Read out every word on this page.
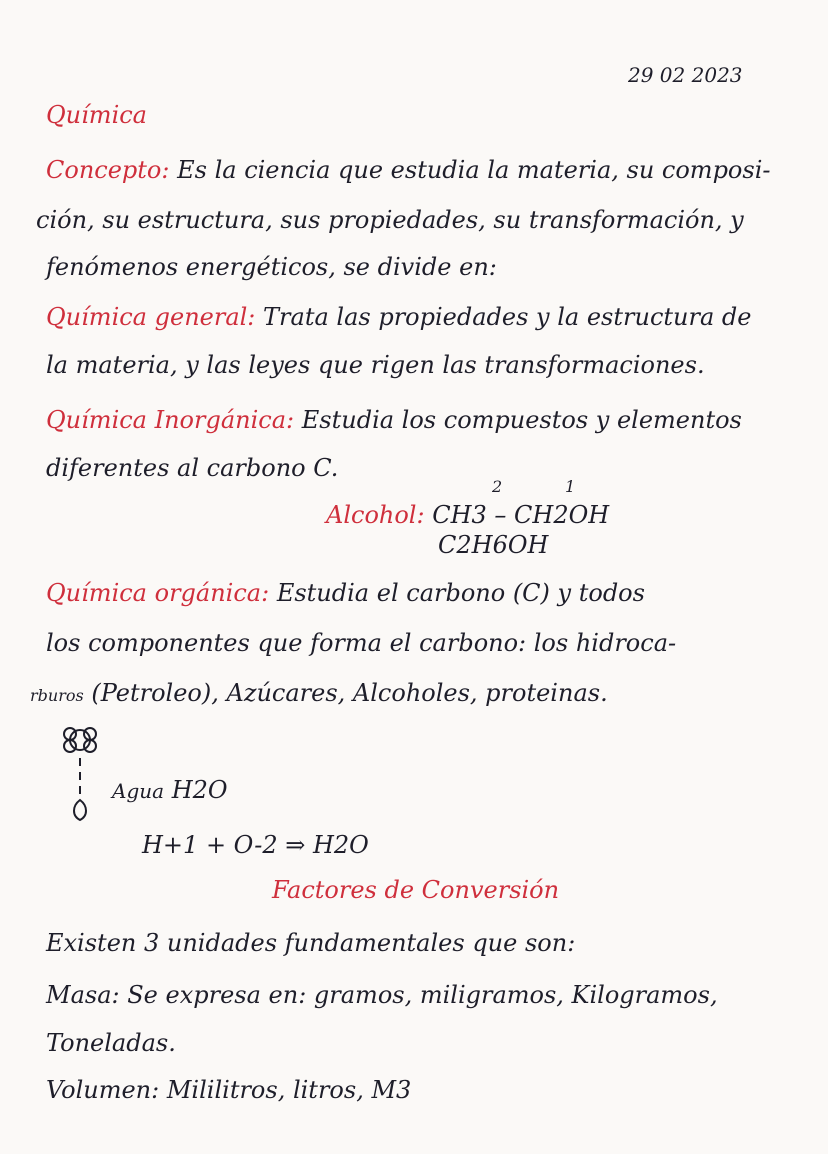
29 02 2023
Química
Concepto: Es la ciencia que estudia la materia, su composi-
ción, su estructura, sus propiedades, su transformación, y
fenómenos energéticos, se divide en:
Química general: Trata las propiedades y la estructura de
la materia, y las leyes que rigen las transformaciones.
Química Inorgánica: Estudia los compuestos y elementos
diferentes al carbono C.
2	1
Alcohol: CH3 – CH2OH
C2H6OH
Química orgánica: Estudia el carbono (C) y todos
los componentes que forma el carbono: los hidroca-
rburos (Petroleo), Azúcares, Alcoholes, proteinas.
Agua H2O
H+1 + O-2 ⇒ H2O
Factores de Conversión
Existen 3 unidades fundamentales que son:
Masa: Se expresa en: gramos, miligramos, Kilogramos,
Toneladas.
Volumen: Mililitros, litros, M3
